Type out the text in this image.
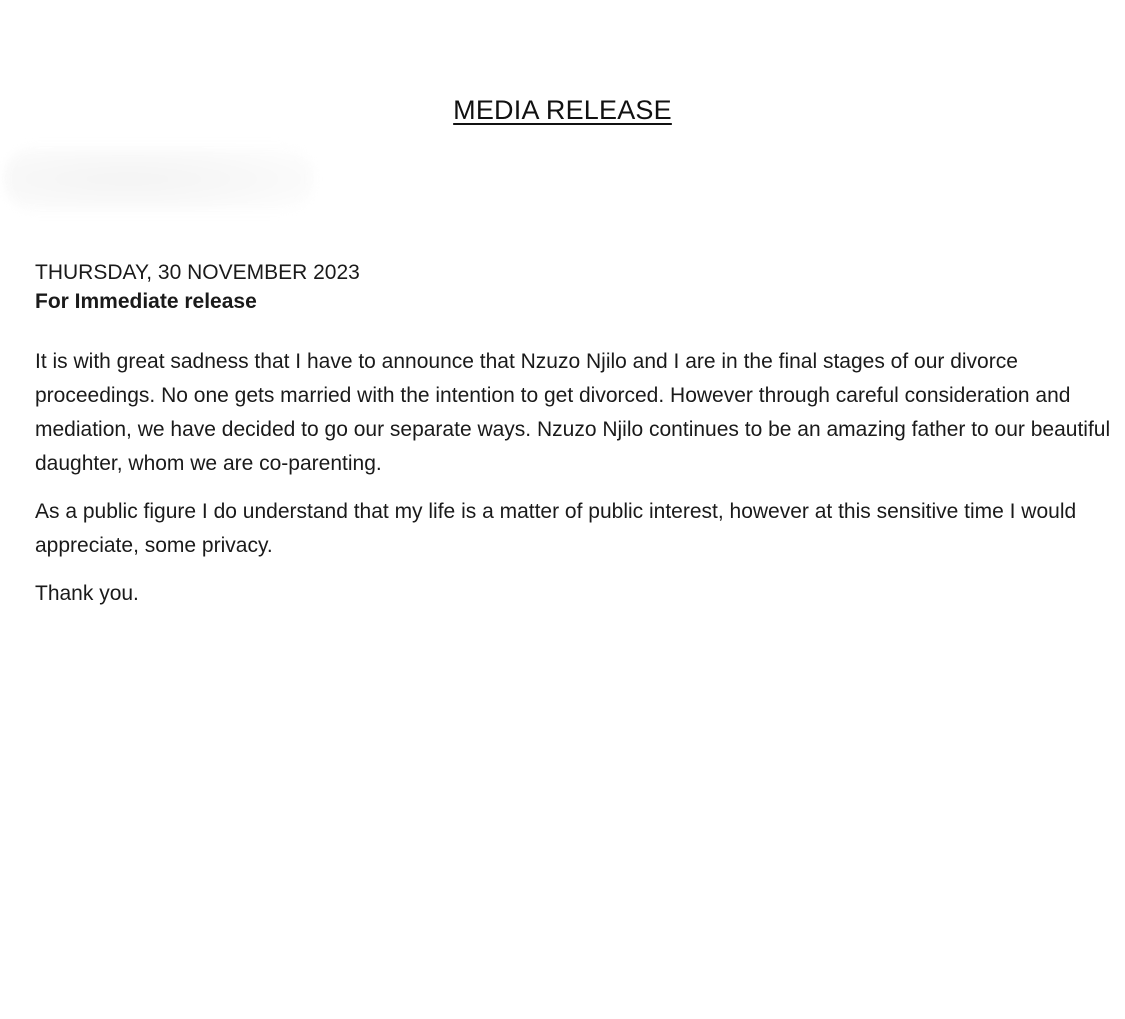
MEDIA RELEASE

THURSDAY, 30 NOVEMBER 2023

For Immediate release

It is with great sadness that I have to announce that Nzuzo Njilo and I are in the final stages of our divorce proceedings. No one gets married with the intention to get divorced. However through careful consideration and mediation, we have decided to go our separate ways. Nzuzo Njilo continues to be an amazing father to our beautiful daughter, whom we are co-parenting.

As a public figure I do understand that my life is a matter of public interest, however at this sensitive time I would appreciate, some privacy.

Thank you.
